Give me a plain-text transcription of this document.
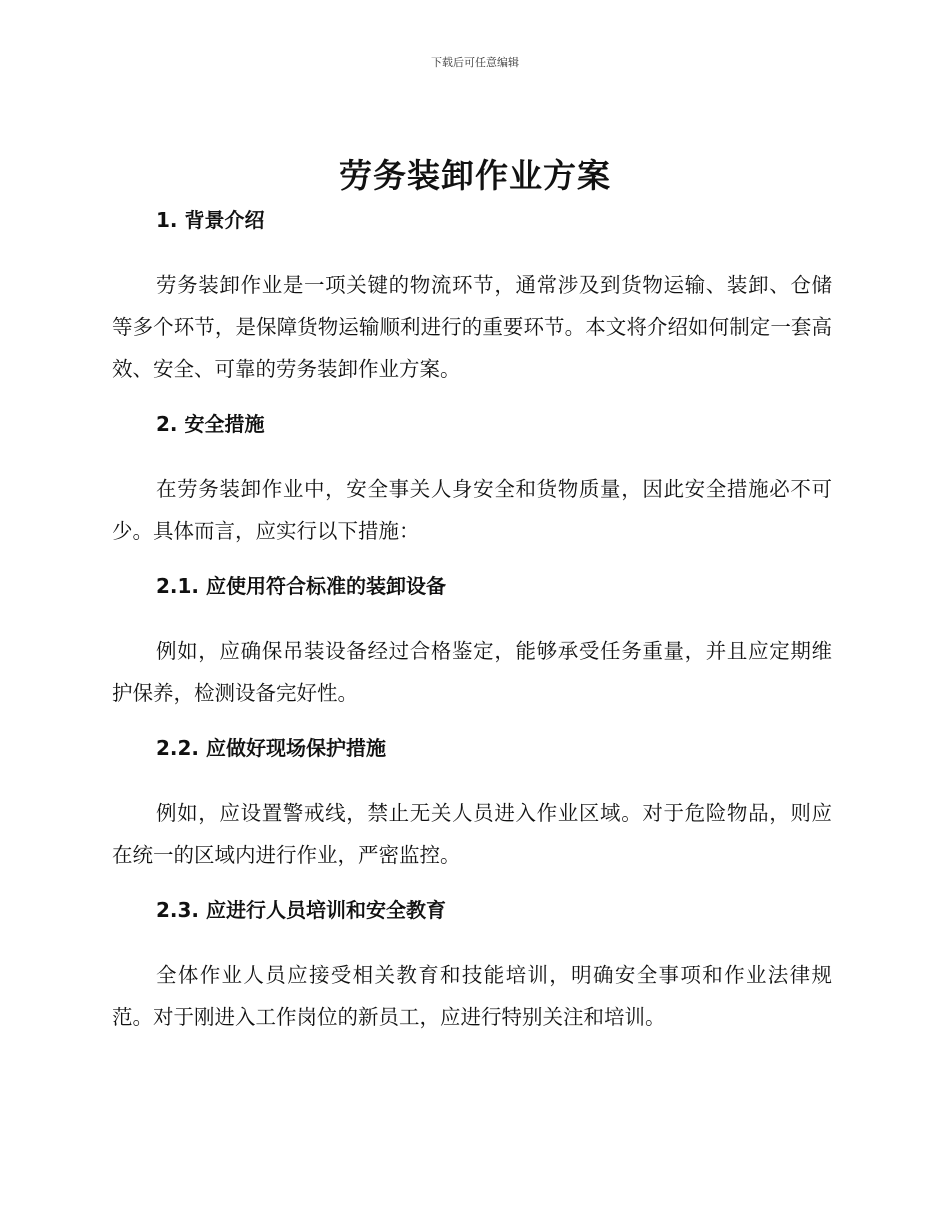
下载后可任意编辑
劳务装卸作业方案
1. 背景介绍

劳务装卸作业是一项关键的物流环节，通常涉及到货物运输、装卸、仓储等多个环节，是保障货物运输顺利进行的重要环节。本文将介绍如何制定一套高效、安全、可靠的劳务装卸作业方案。

2. 安全措施

在劳务装卸作业中，安全事关人身安全和货物质量，因此安全措施必不可少。具体而言，应实行以下措施：

2.1. 应使用符合标准的装卸设备

例如，应确保吊装设备经过合格鉴定，能够承受任务重量，并且应定期维护保养，检测设备完好性。

2.2. 应做好现场保护措施

例如，应设置警戒线，禁止无关人员进入作业区域。对于危险物品，则应在统一的区域内进行作业，严密监控。

2.3. 应进行人员培训和安全教育

全体作业人员应接受相关教育和技能培训，明确安全事项和作业法律规范。对于刚进入工作岗位的新员工，应进行特别关注和培训。
